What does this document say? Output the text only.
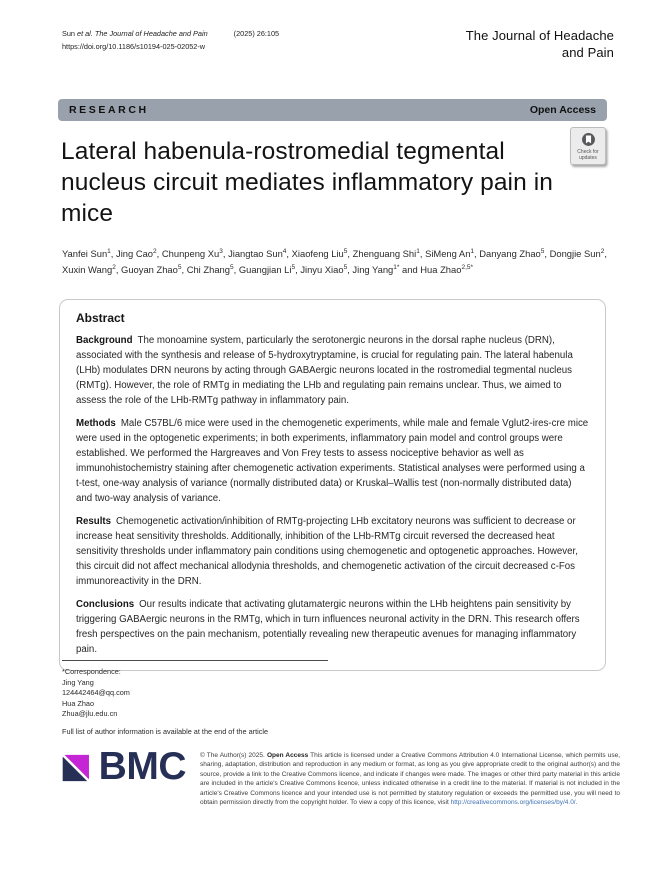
Sun et al. The Journal of Headache and Pain	(2025) 26:105
https://doi.org/10.1186/s10194-025-02052-w
The Journal of Headache
and Pain
RESEARCH	Open Access
Lateral habenula-rostromedial tegmental nucleus circuit mediates inflammatory pain in mice
Check for
updates
Yanfei Sun$^1$, Jing Cao$^2$, Chunpeng Xu$^3$, Jiangtao Sun$^4$, Xiaofeng Liu$^5$, Zhenguang Shi$^1$, SiMeng An$^1$, Danyang Zhao$^5$, Dongjie Sun$^2$, Xuxin Wang$^2$, Guoyan Zhao$^5$, Chi Zhang$^5$, Guangjian Li$^5$, Jinyu Xiao$^5$, Jing Yang$^{1*}$ and Hua Zhao$^{2,5*}$
Abstract

Background The monoamine system, particularly the serotonergic neurons in the dorsal raphe nucleus (DRN), associated with the synthesis and release of 5-hydroxytryptamine, is crucial for regulating pain. The lateral habenula (LHb) modulates DRN neurons by acting through GABAergic neurons located in the rostromedial tegmental nucleus (RMTg). However, the role of RMTg in mediating the LHb and regulating pain remains unclear. Thus, we aimed to assess the role of the LHb-RMTg pathway in inflammatory pain.

Methods Male C57BL/6 mice were used in the chemogenetic experiments, while male and female Vglut2-ires-cre mice were used in the optogenetic experiments; in both experiments, inflammatory pain model and control groups were established. We performed the Hargreaves and Von Frey tests to assess nociceptive behavior as well as immunohistochemistry staining after chemogenetic activation experiments. Statistical analyses were performed using a t-test, one-way analysis of variance (normally distributed data) or Kruskal–Wallis test (non-normally distributed data) and two-way analysis of variance.

Results Chemogenetic activation/inhibition of RMTg-projecting LHb excitatory neurons was sufficient to decrease or increase heat sensitivity thresholds. Additionally, inhibition of the LHb-RMTg circuit reversed the decreased heat sensitivity thresholds under inflammatory pain conditions using chemogenetic and optogenetic approaches. However, this circuit did not affect mechanical allodynia thresholds, and chemogenetic activation of the circuit decreased c-Fos immunoreactivity in the DRN.

Conclusions Our results indicate that activating glutamatergic neurons within the LHb heightens pain sensitivity by triggering GABAergic neurons in the RMTg, which in turn influences neuronal activity in the DRN. This research offers fresh perspectives on the pain mechanism, potentially revealing new therapeutic avenues for managing inflammatory pain.

*Correspondence:
Jing Yang
124442464@qq.com
Hua Zhao
Zhua@jlu.edu.cn
Full list of author information is available at the end of the article
BMC © The Author(s) 2025. Open Access This article is licensed under a Creative Commons Attribution 4.0 International License, which permits use, sharing, adaptation, distribution and reproduction in any medium or format, as long as you give appropriate credit to the original author(s) and the source, provide a link to the Creative Commons licence, and indicate if changes were made. The images or other third party material in this article are included in the article's Creative Commons licence, unless indicated otherwise in a credit line to the material. If material is not included in the article's Creative Commons licence and your intended use is not permitted by statutory regulation or exceeds the permitted use, you will need to obtain permission directly from the copyright holder. To view a copy of this licence, visit http://creativecommons.org/licenses/by/4.0/.
